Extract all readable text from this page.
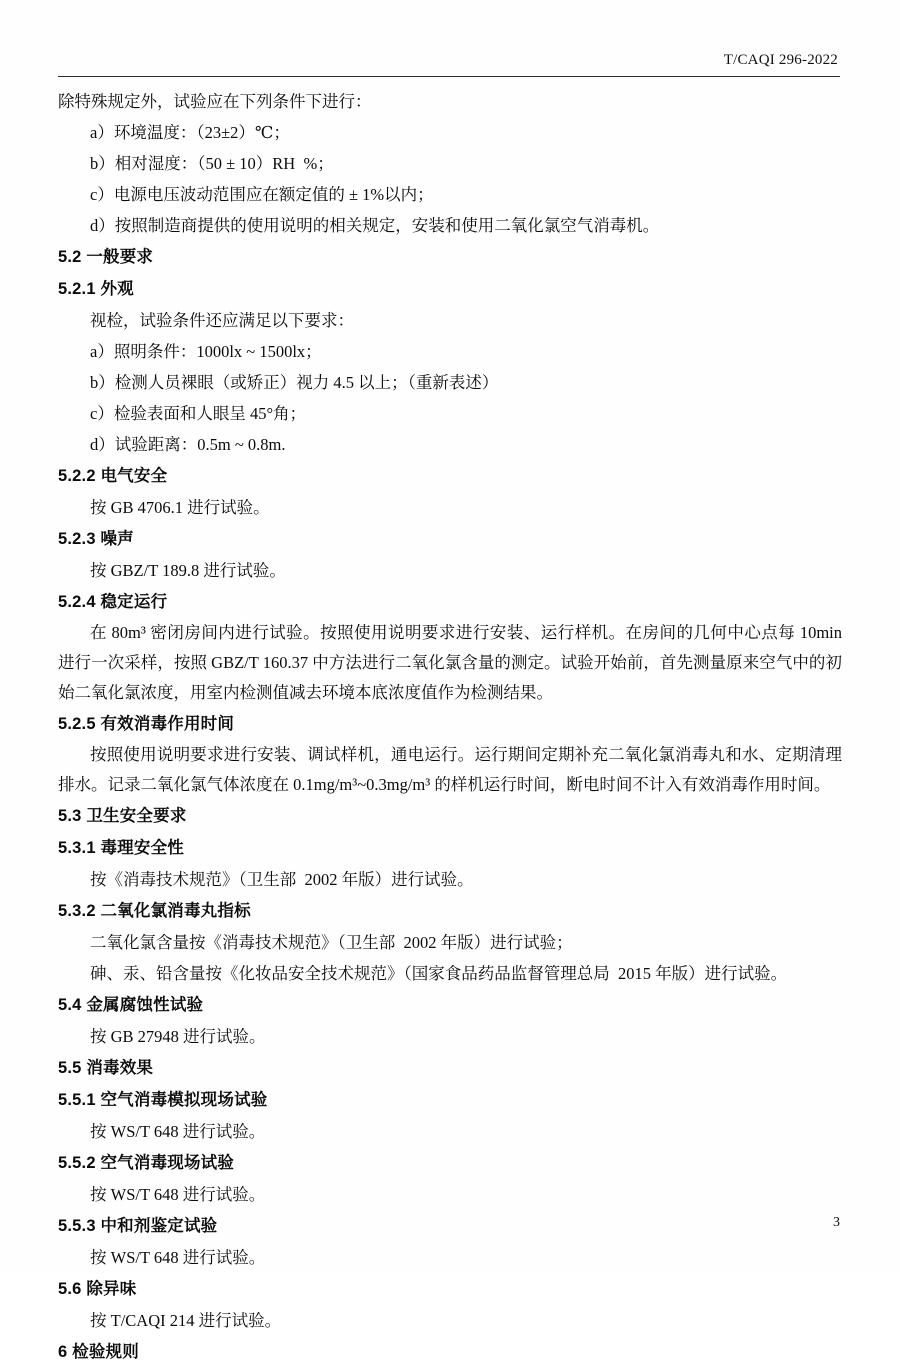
T/CAQI 296-2022
除特殊规定外，试验应在下列条件下进行：
a）环境温度：（23±2）℃；
b）相对湿度：（50 ± 10）RH  %；
c）电源电压波动范围应在额定值的 ± 1%以内；
d）按照制造商提供的使用说明的相关规定，安装和使用二氧化氯空气消毒机。
5.2 一般要求
5.2.1 外观
视检，试验条件还应满足以下要求：
a）照明条件：1000lx ~ 1500lx；
b）检测人员裸眼（或矫正）视力 4.5 以上；（重新表述）
c）检验表面和人眼呈 45°角；
d）试验距离：0.5m ~ 0.8m.
5.2.2 电气安全
按 GB 4706.1 进行试验。
5.2.3 噪声
按 GBZ/T 189.8 进行试验。
5.2.4 稳定运行
在 80m³ 密闭房间内进行试验。按照使用说明要求进行安装、运行样机。在房间的几何中心点每 10min 进行一次采样，按照 GBZ/T 160.37 中方法进行二氧化氯含量的测定。试验开始前，首先测量原来空气中的初始二氧化氯浓度，用室内检测值减去环境本底浓度值作为检测结果。
5.2.5 有效消毒作用时间
按照使用说明要求进行安装、调试样机，通电运行。运行期间定期补充二氧化氯消毒丸和水、定期清理排水。记录二氧化氯气体浓度在 0.1mg/m³~0.3mg/m³ 的样机运行时间，断电时间不计入有效消毒作用时间。
5.3 卫生安全要求
5.3.1 毒理安全性
按《消毒技术规范》（卫生部  2002 年版）进行试验。
5.3.2 二氧化氯消毒丸指标
二氧化氯含量按《消毒技术规范》（卫生部  2002 年版）进行试验；
砷、汞、铅含量按《化妆品安全技术规范》（国家食品药品监督管理总局  2015 年版）进行试验。
5.4 金属腐蚀性试验
按 GB 27948 进行试验。
5.5 消毒效果
5.5.1 空气消毒模拟现场试验
按 WS/T 648 进行试验。
5.5.2 空气消毒现场试验
按 WS/T 648 进行试验。
5.5.3 中和剂鉴定试验
按 WS/T 648 进行试验。
5.6 除异味
按 T/CAQI 214 进行试验。
6 检验规则
3
